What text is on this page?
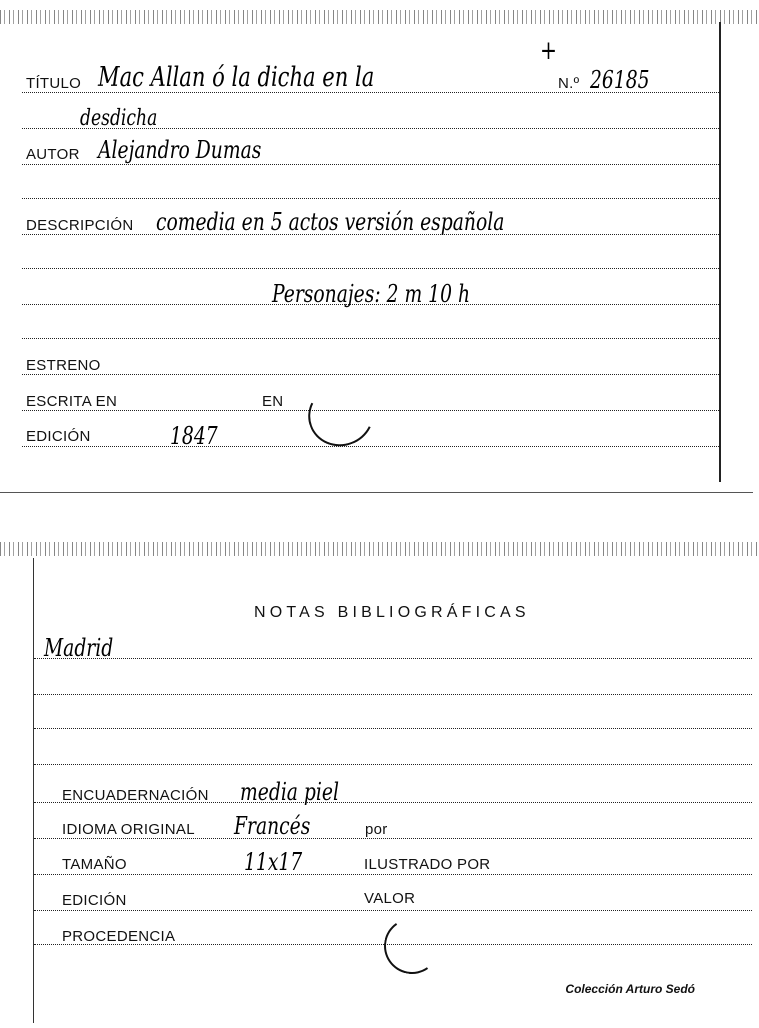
TÍTULO Mac Allan ó la dicha en la
+
N.º 26185
desdicha
AUTOR Alejandro Dumas
DESCRIPCIÓN comedia en 5 actos versión española
Personajes: 2 m 10 h
ESTRENO
ESCRITA EN	EN
EDICIÓN	1847
NOTAS BIBLIOGRÁFICAS
Madrid
ENCUADERNACIÓN media piel
IDIOMA ORIGINAL Francés	por
TAMAÑO	11x17	ILUSTRADO POR
EDICIÓN	VALOR
PROCEDENCIA
Colección Arturo Sedó
